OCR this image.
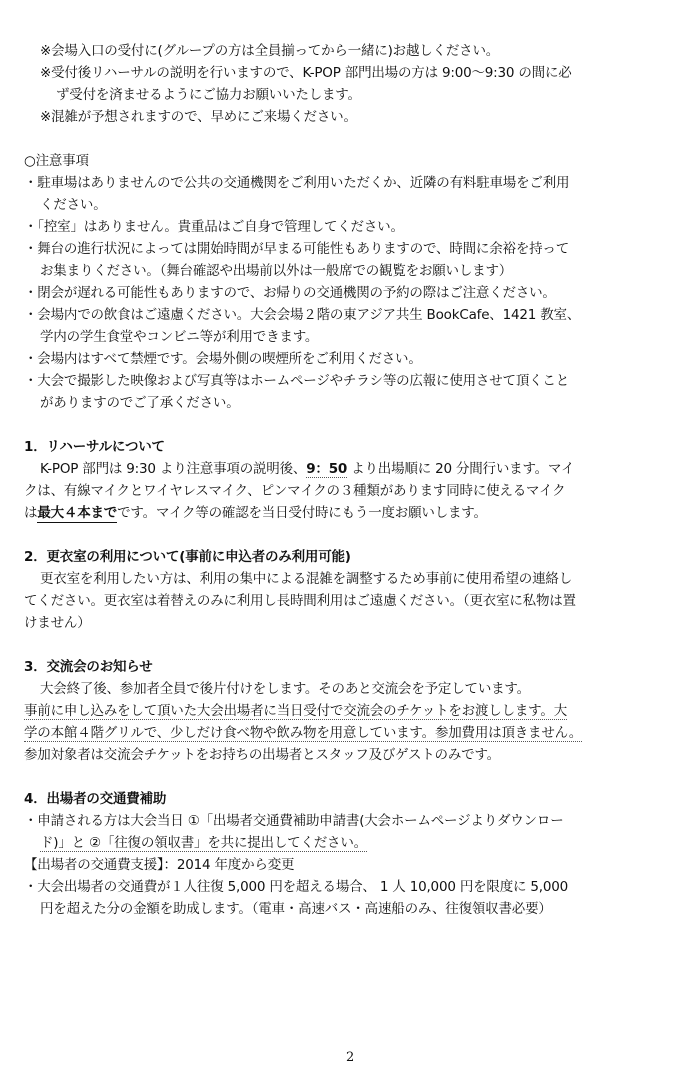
※会場入口の受付に(グループの方は全員揃ってから一緒に)お越しください。
※受付後リハーサルの説明を行いますので、K-POP 部門出場の方は 9:00～9:30 の間に必
ず受付を済ませるようにご協力お願いいたします。
※混雑が予想されますので、早めにご来場ください。
○注意事項
・駐車場はありませんので公共の交通機関をご利用いただくか、近隣の有料駐車場をご利用
ください。
・「控室」はありません。貴重品はご自身で管理してください。
・舞台の進行状況によっては開始時間が早まる可能性もありますので、時間に余裕を持って
お集まりください。（舞台確認や出場前以外は一般席での観覧をお願いします）
・閉会が遅れる可能性もありますので、お帰りの交通機関の予約の際はご注意ください。
・会場内での飲食はご遠慮ください。大会会場２階の東アジア共生 BookCafe、1421 教室、
学内の学生食堂やコンビニ等が利用できます。
・会場内はすべて禁煙です。会場外側の喫煙所をご利用ください。
・大会で撮影した映像および写真等はホームページやチラシ等の広報に使用させて頂くこと
がありますのでご了承ください。
1．リハーサルについて
K-POP 部門は 9:30 より注意事項の説明後、9：50 より出場順に 20 分間行います。マイ
クは、有線マイクとワイヤレスマイク、ピンマイクの３種類があります同時に使えるマイク
は最大４本までです。マイク等の確認を当日受付時にもう一度お願いします。
2．更衣室の利用について(事前に申込者のみ利用可能)
更衣室を利用したい方は、利用の集中による混雑を調整するため事前に使用希望の連絡し
てください。更衣室は着替えのみに利用し長時間利用はご遠慮ください。（更衣室に私物は置
けません）
3．交流会のお知らせ
大会終了後、参加者全員で後片付けをします。そのあと交流会を予定しています。
事前に申し込みをして頂いた大会出場者に当日受付で交流会のチケットをお渡しします。大
学の本館４階グリルで、少しだけ食べ物や飲み物を用意しています。参加費用は頂きません。
参加対象者は交流会チケットをお持ちの出場者とスタッフ及びゲストのみです。
4．出場者の交通費補助
・申請される方は大会当日 ①「出場者交通費補助申請書(大会ホームページよりダウンロー
ド)」と ②「往復の領収書」を共に提出してください。
【出場者の交通費支援】：2014 年度から変更
・大会出場者の交通費が１人往復 5,000 円を超える場合、 1 人 10,000 円を限度に 5,000
円を超えた分の金額を助成します。（電車・高速バス・高速船のみ、往復領収書必要）
2
